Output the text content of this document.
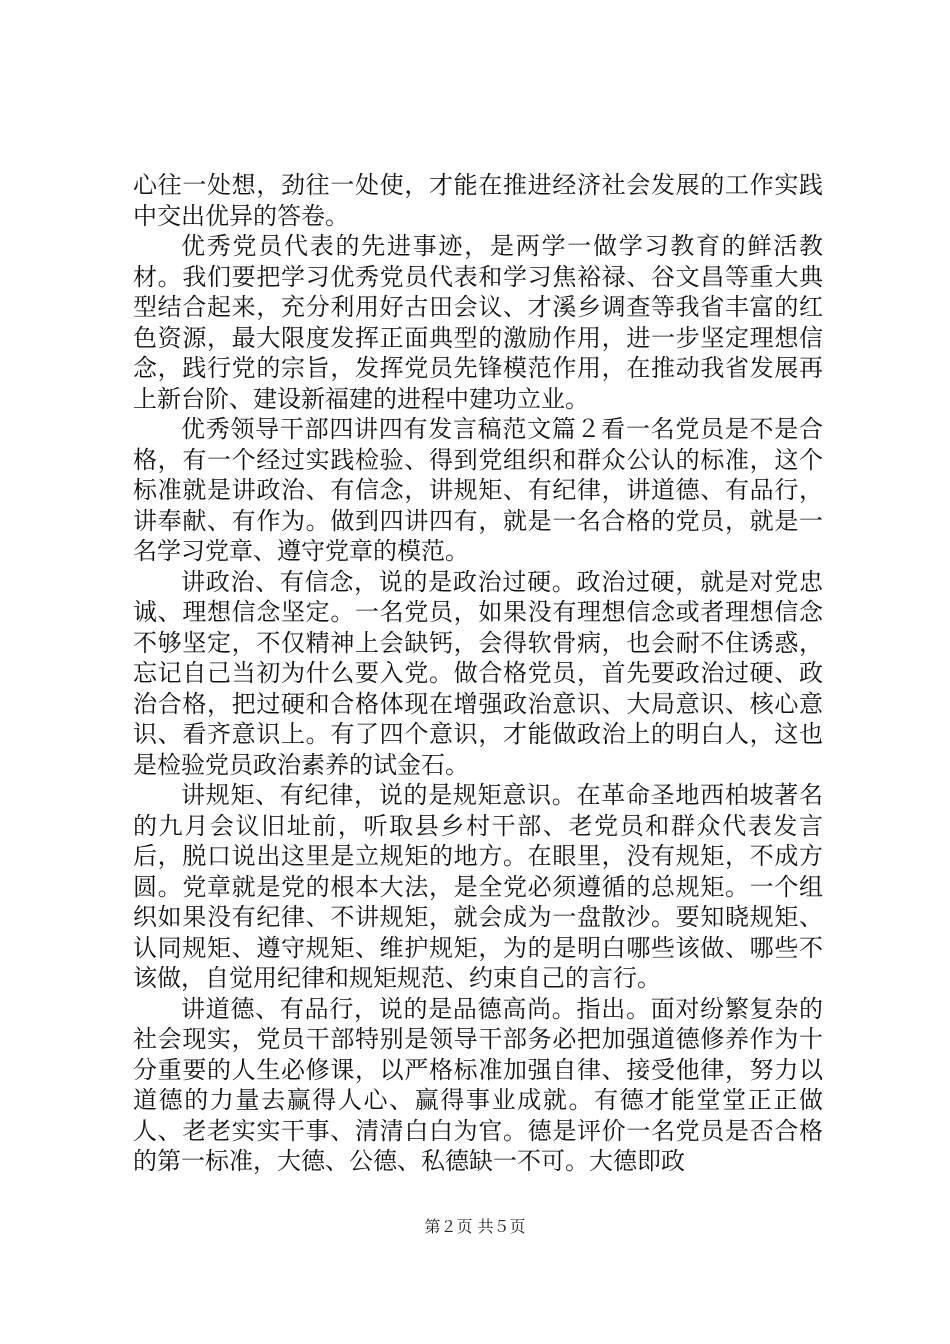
心往一处想，劲往一处使，才能在推进经济社会发展的工作实践中交出优异的答卷。

优秀党员代表的先进事迹，是两学一做学习教育的鲜活教材。我们要把学习优秀党员代表和学习焦裕禄、谷文昌等重大典型结合起来，充分利用好古田会议、才溪乡调查等我省丰富的红色资源，最大限度发挥正面典型的激励作用，进一步坚定理想信念，践行党的宗旨，发挥党员先锋模范作用，在推动我省发展再上新台阶、建设新福建的进程中建功立业。

优秀领导干部四讲四有发言稿范文篇２看一名党员是不是合格，有一个经过实践检验、得到党组织和群众公认的标准，这个标准就是讲政治、有信念，讲规矩、有纪律，讲道德、有品行，讲奉献、有作为。做到四讲四有，就是一名合格的党员，就是一名学习党章、遵守党章的模范。

讲政治、有信念，说的是政治过硬。政治过硬，就是对党忠诚、理想信念坚定。一名党员，如果没有理想信念或者理想信念不够坚定，不仅精神上会缺钙，会得软骨病，也会耐不住诱惑，忘记自己当初为什么要入党。做合格党员，首先要政治过硬、政治合格，把过硬和合格体现在增强政治意识、大局意识、核心意识、看齐意识上。有了四个意识，才能做政治上的明白人，这也是检验党员政治素养的试金石。

讲规矩、有纪律，说的是规矩意识。在革命圣地西柏坡著名的九月会议旧址前，听取县乡村干部、老党员和群众代表发言后，脱口说出这里是立规矩的地方。在眼里，没有规矩，不成方圆。党章就是党的根本大法，是全党必须遵循的总规矩。一个组织如果没有纪律、不讲规矩，就会成为一盘散沙。要知晓规矩、认同规矩、遵守规矩、维护规矩，为的是明白哪些该做、哪些不该做，自觉用纪律和规矩规范、约束自己的言行。

讲道德、有品行，说的是品德高尚。指出。面对纷繁复杂的社会现实，党员干部特别是领导干部务必把加强道德修养作为十分重要的人生必修课，以严格标准加强自律、接受他律，努力以道德的力量去赢得人心、赢得事业成就。有德才能堂堂正正做人、老老实实干事、清清白白为官。德是评价一名党员是否合格的第一标准，大德、公德、私德缺一不可。大德即政

第２页 共５页
